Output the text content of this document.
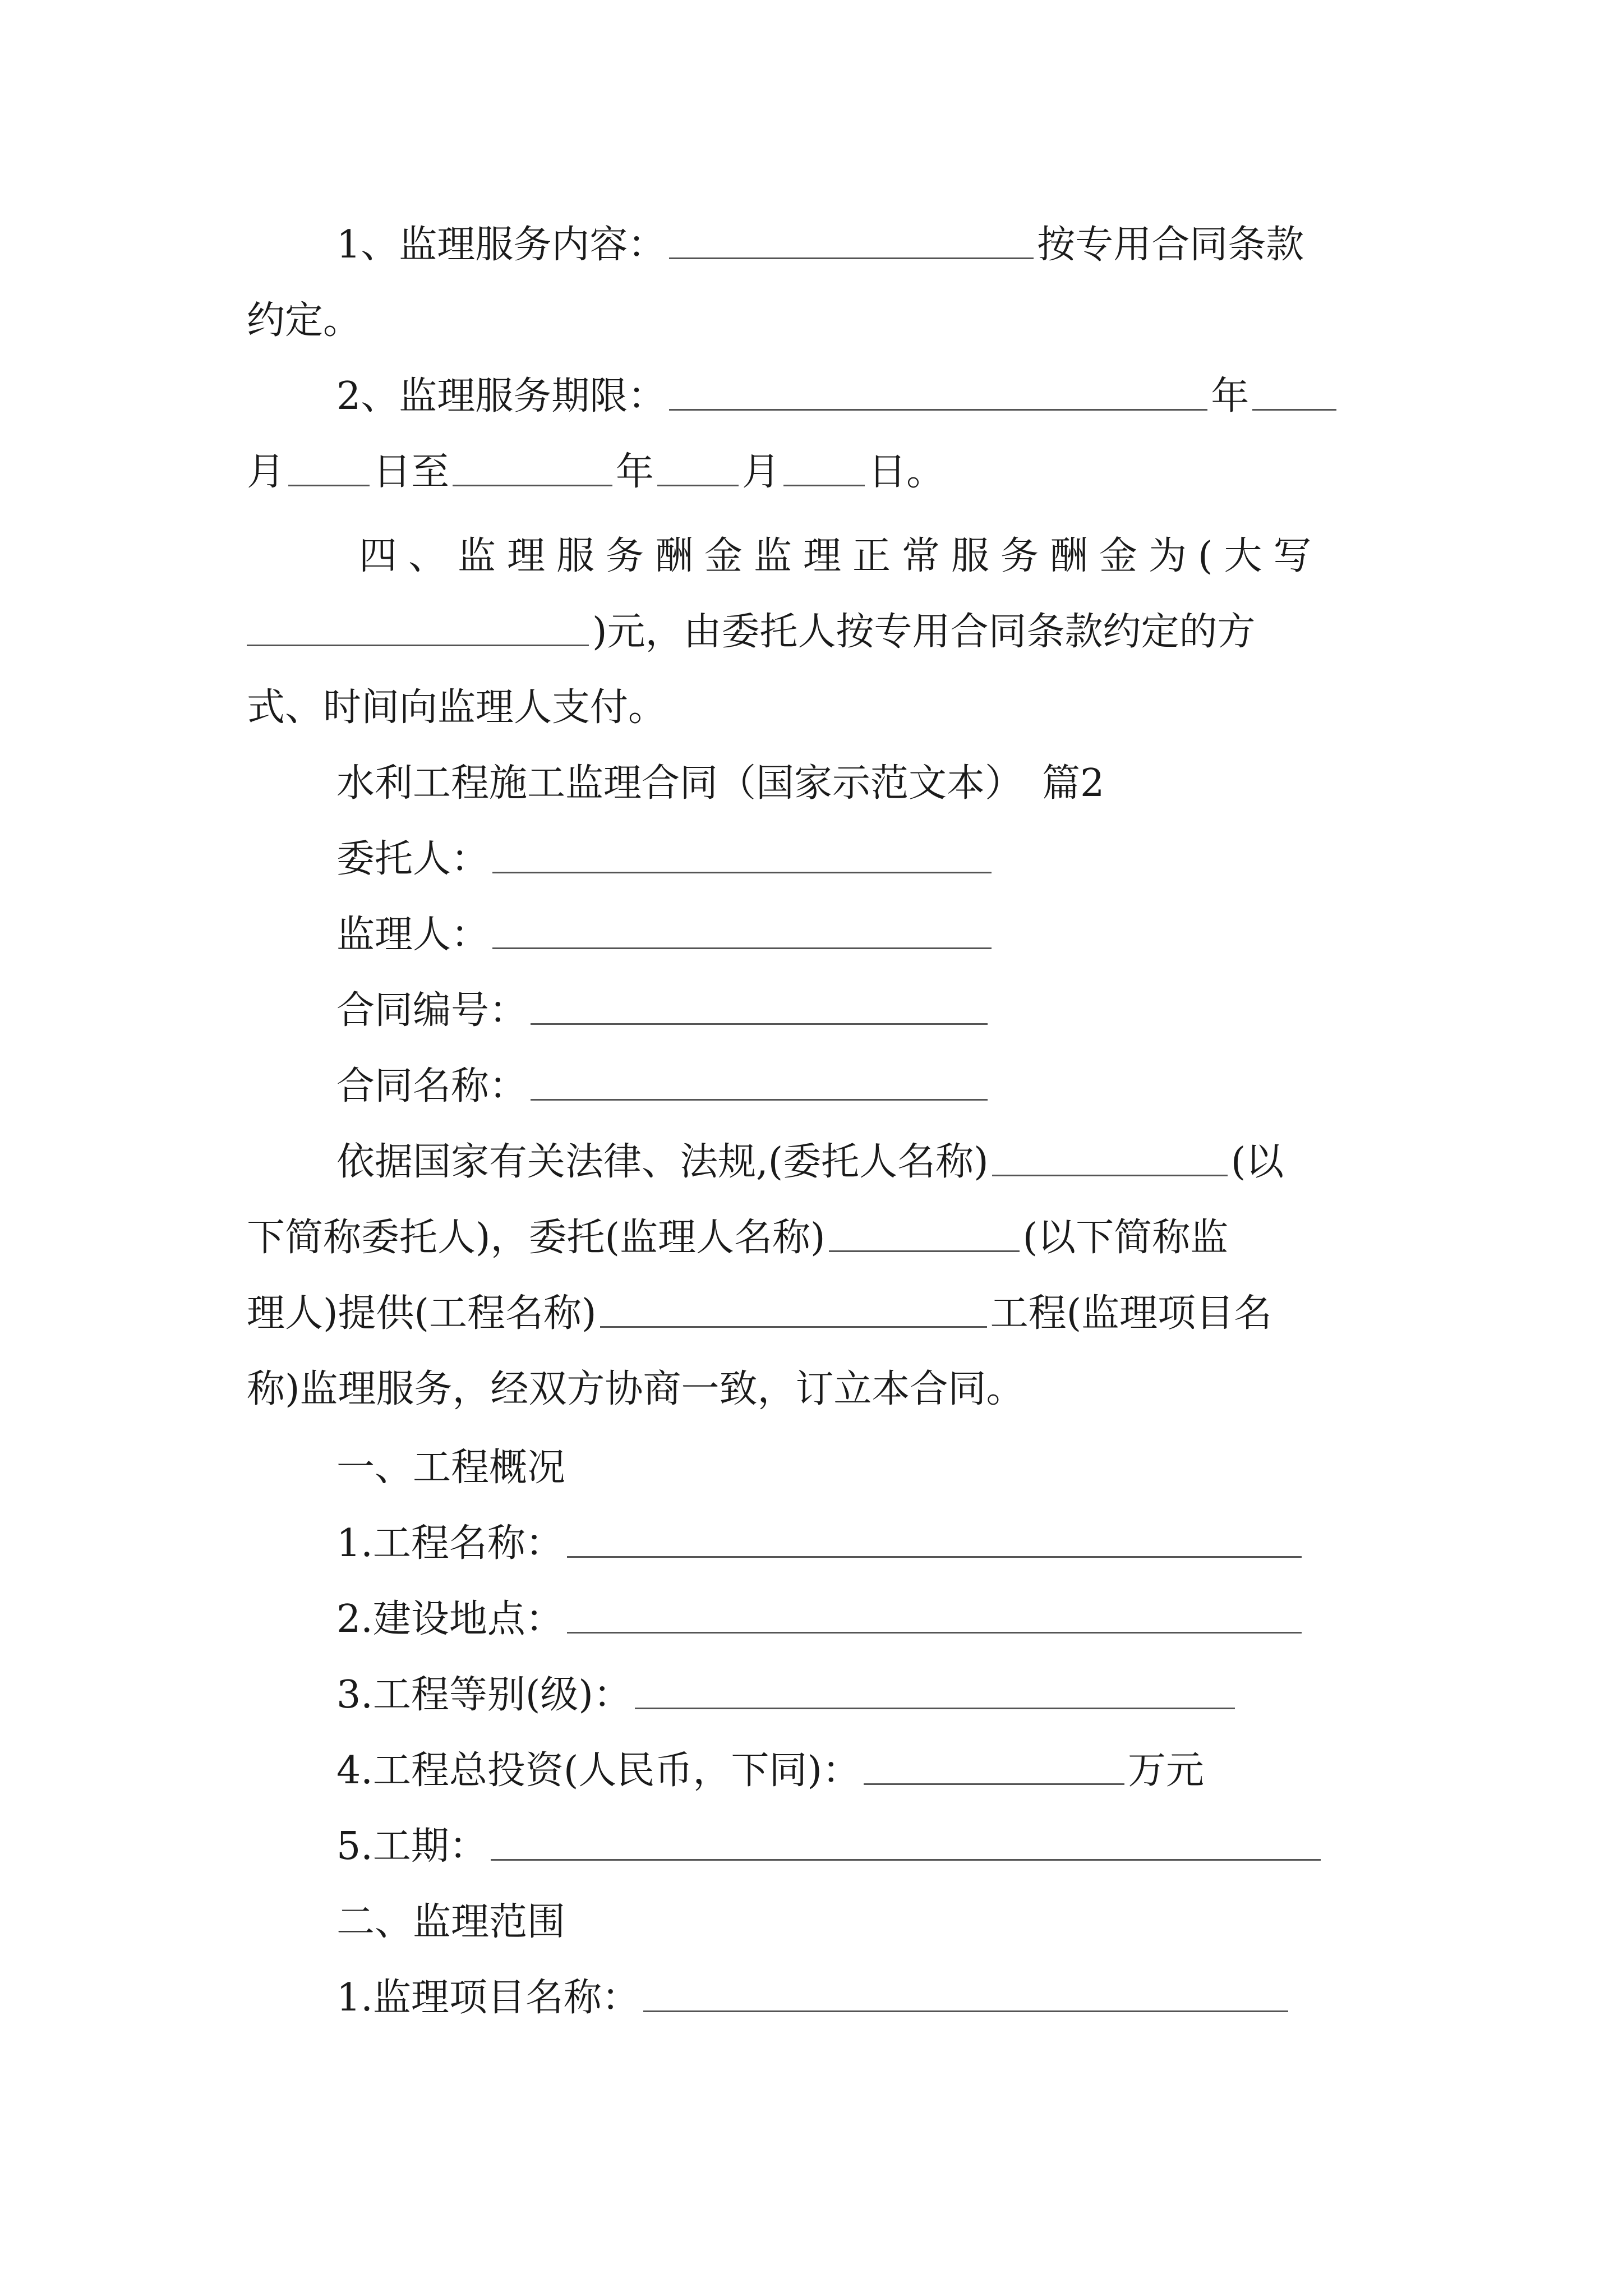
1、监理服务内容：	按专用合同条款
约定。
2、监理服务期限：	年
月 日至	年 月 日。
四、监理服务酬金监理正常服务酬金为(大写
)元，由委托人按专用合同条款约定的方
式、时间向监理人支付。
水利工程施工监理合同（国家示范文本）　篇2
委托人：
监理人：
合同编号：
合同名称：
依据国家有关法律、法规,(委托人名称)	(以
下简称委托人)，委托(监理人名称)	(以下简称监
理人)提供(工程名称)	工程(监理项目名
称)监理服务，经双方协商一致，订立本合同。
一、工程概况
1.工程名称：
2.建设地点：
3.工程等别(级)：
4.工程总投资(人民币，下同)：	万元
5.工期：
二、监理范围
1.监理项目名称：
